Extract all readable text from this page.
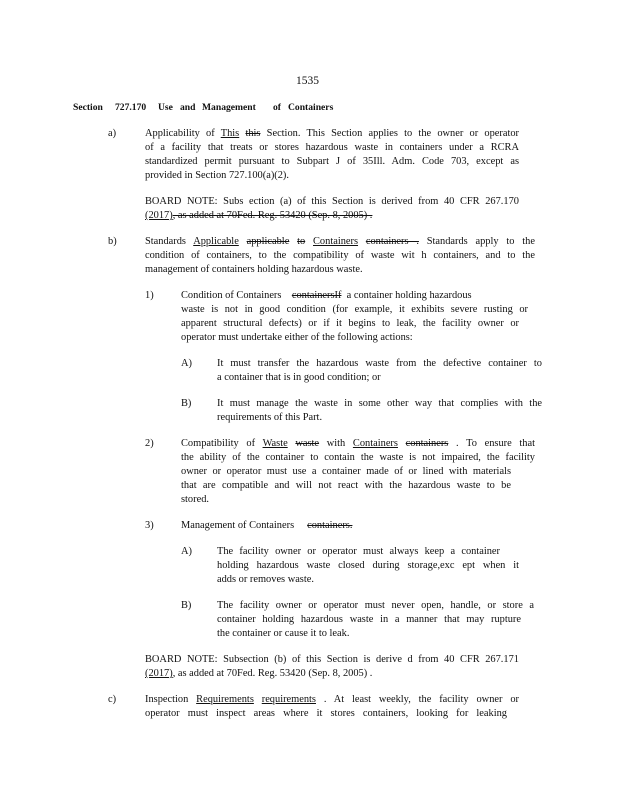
1535
Section 727.170 Use and Management of Containers
a)	Applicability of This this Section. This Section applies to the owner or operator
of a facility that treats or stores hazardous waste in containers under a RCRA
standardized permit pursuant to Subpart J of 35Ill. Adm. Code 703, except as
provided in Section 727.100(a)(2).
BOARD NOTE: Subs ection (a) of this Section is derived from 40 CFR 267.170
(2017), as added at 70Fed. Reg. 53420 (Sep. 8, 2005) .
b)	Standards Applicable applicable to Containers containers . Standards apply to the
condition of containers, to the compatibility of waste wit h containers, and to the
management of containers holding hazardous waste.
1)	Condition of Containers containersIf a container holding hazardous
waste is not in good condition (for example, it exhibits severe rusting or
apparent structural defects) or if it begins to leak, the facility owner or
operator must undertake either of the following actions:
A) It must transfer the hazardous waste from the defective container to
a container that is in good condition; or
B) It must manage the waste in some other way that complies with the
requirements of this Part.
2)	Compatibility of Waste waste with Containers containers . To ensure that
the ability of the container to contain the waste is not impaired, the facility
owner or operator must use a container made of or lined with materials
that are compatible and will not react with the hazardous waste to be
stored.
3)	Management of Containers containers.
A) The facility owner or operator must always keep a container
holding hazardous waste closed during storage,exc ept when it
adds or removes waste.
B) The facility owner or operator must never open, handle, or store a
container holding hazardous waste in a manner that may rupture
the container or cause it to leak.
BOARD NOTE: Subsection (b) of this Section is derive d from 40 CFR 267.171
(2017), as added at 70Fed. Reg. 53420 (Sep. 8, 2005) .
c)	Inspection Requirements requirements . At least weekly, the facility owner or
operator must inspect areas where it stores containers, looking for leaking
